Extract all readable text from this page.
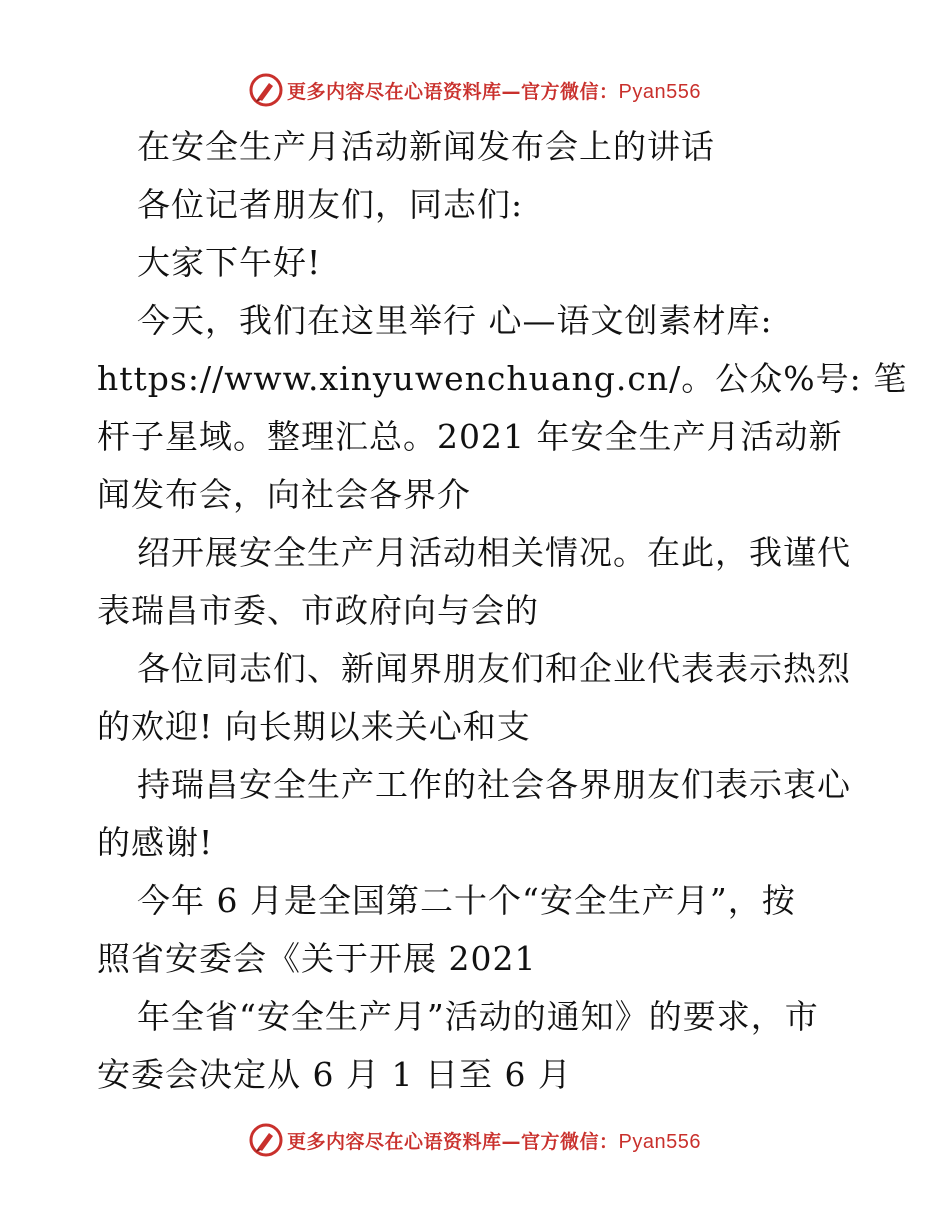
更多内容尽在心语资料库—官方微信：Pyan556
在安全生产月活动新闻发布会上的讲话
各位记者朋友们，同志们:
大家下午好!
今天，我们在这里举行 心—语文创素材库:
https://www.xinyuwenchuang.cn/。公众%号: 笔
杆子星域。整理汇总。2021 年安全生产月活动新
闻发布会，向社会各界介
绍开展安全生产月活动相关情况。在此，我谨代
表瑞昌市委、市政府向与会的
各位同志们、新闻界朋友们和企业代表表示热烈
的欢迎! 向长期以来关心和支
持瑞昌安全生产工作的社会各界朋友们表示衷心
的感谢!
今年 6 月是全国第二十个“安全生产月”，按
照省安委会《关于开展 2021
年全省“安全生产月”活动的通知》的要求，市
安委会决定从 6 月 1 日至 6 月
更多内容尽在心语资料库—官方微信：Pyan556
